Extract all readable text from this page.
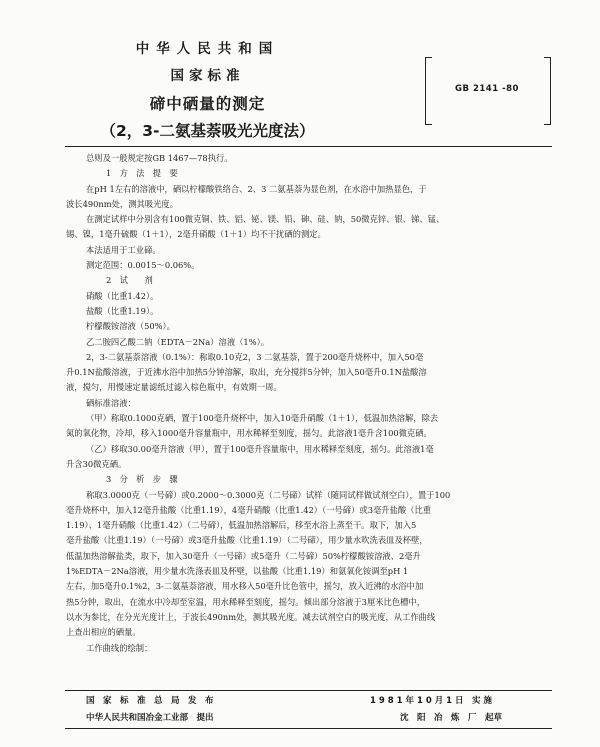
中华人民共和国
国家标准
碲中硒量的测定
（2，3-二氨基萘吸光光度法）
GB 2141 -80

总则及一般规定按GB 1467—78执行。

1　方　法　提　要

在pH 1左右的溶液中，硒以柠檬酸铁络合、2、3 二氨基萘为显色剂，在水浴中加热显色，于

波长490nm处，测其吸光度。

在测定试样中分别含有100微克铜、铁、铝、铋、镁、铅、砷、硅、钠，50微克锌、银、锑、锰、

锡、镍，1毫升硫酸（1＋1），2毫升硝酸（1＋1）均不干扰硒的测定。

本法适用于工业碲。

测定范围：0.0015～0.06%。

2　试　　剂

硝酸（比重1.42）。

盐酸（比重1.19）。

柠檬酸铵溶液（50%）。

乙二胺四乙酸二钠（EDTA－2Na）溶液（1%）。

2，3-二氨基萘溶液（0.1%）：称取0.10克2，3 二氨基萘，置于200毫升烧杯中，加入50毫

升0.1N盐酸溶液，于近沸水浴中加热5分钟溶解，取出，充分搅拌5分钟，加入50毫升0.1N盐酸溶

液，搅匀，用慢速定量滤纸过滤入棕色瓶中，有效期一周。

硒标准溶液：

（甲）称取0.1000克硒，置于100毫升烧杯中，加入10毫升硝酸（1＋1），低温加热溶解，除去

氮的氧化物，冷却，移入1000毫升容量瓶中，用水稀释至刻度，摇匀。此溶液1毫升含100微克硒。

（乙）移取30.00毫升溶液（甲），置于100毫升容量瓶中，用水稀释至刻度，摇匀。此溶液1毫

升含30微克硒。

3　分　析　步　骤

称取3.0000克（一号碲）或0.2000～0.3000克（二号碲）试样（随同试样做试剂空白），置于100

毫升烧杯中，加入12毫升盐酸（比重1.19），4毫升硝酸（比重1.42）（一号碲）或3毫升盐酸（比重

1.19）、1毫升硝酸（比重1.42）（二号碲），低温加热溶解后，移至水浴上蒸至干。取下，加入5

毫升盐酸（比重1.19）（一号碲）或3毫升盐酸（比重1.19）（二号碲），用少量水吹洗表皿及杯壁，

低温加热溶解盐类，取下，加入30毫升（一号碲）或5毫升（二号碲）50%柠檬酸铵溶液、2毫升

1%EDTA－2Na溶液，用少量水洗涤表皿及杯壁，以盐酸（比重1.19）和氨氧化铵调至pH 1

左右，加5毫升0.1%2，3-二氨基萘溶液，用水移入50毫升比色管中，摇匀，放入近沸的水浴中加

热5分钟，取出，在流水中冷却至室温，用水稀释至刻度，摇匀。倾出部分溶液于3厘米比色槽中，

以水为参比，在分光光度计上，于波长490nm处，测其吸光度。减去试剂空白的吸光度，从工作曲线

上查出相应的硒量。

工作曲线的绘制：

国　家　标　准　总　局　发　布	1 9 8 1 年 1 0 月 1 日　实 施
中华人民共和国冶金工业部　提出	沈　阳　冶　炼　厂　起草
